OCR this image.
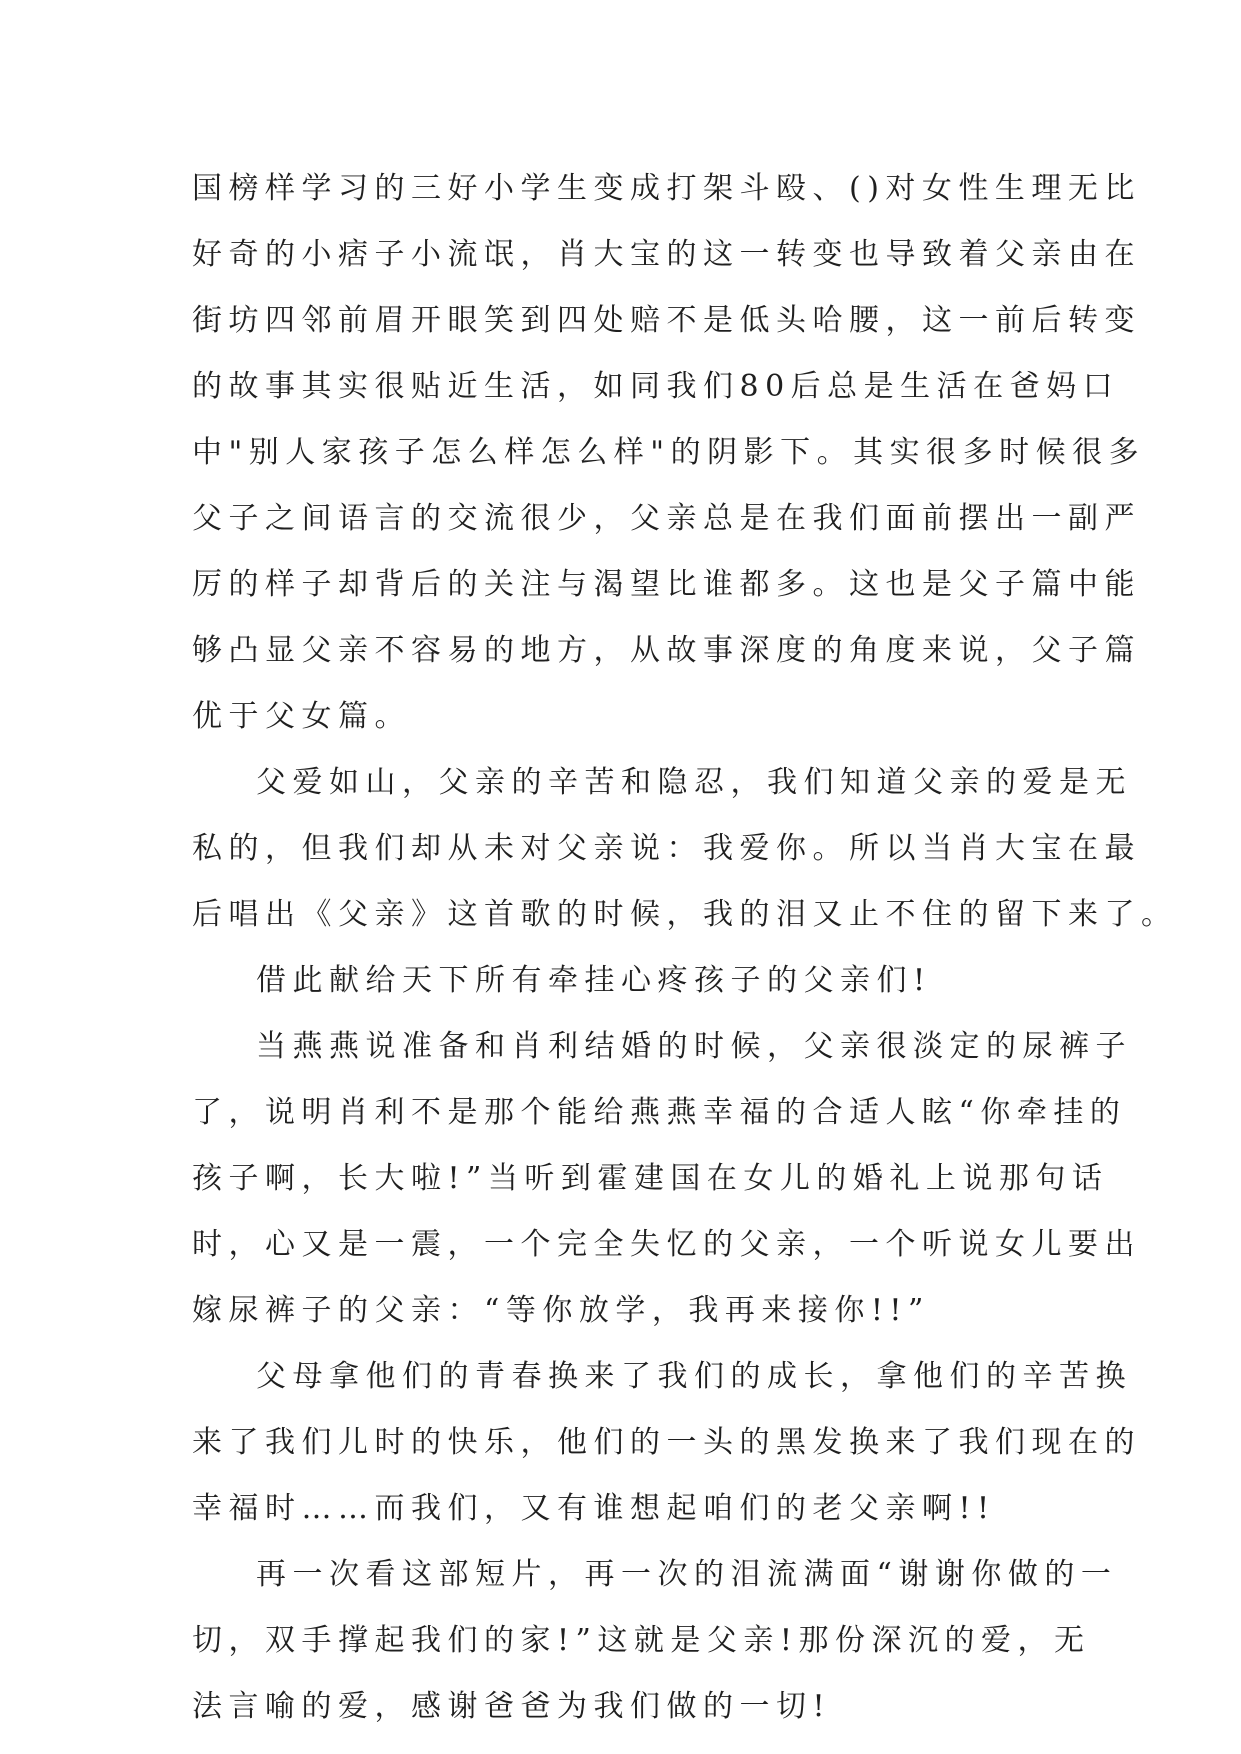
国榜样学习的三好小学生变成打架斗殴、()对女性生理无比
好奇的小痞子小流氓，肖大宝的这一转变也导致着父亲由在
街坊四邻前眉开眼笑到四处赔不是低头哈腰，这一前后转变
的故事其实很贴近生活，如同我们80后总是生活在爸妈口
中"别人家孩子怎么样怎么样"的阴影下。其实很多时候很多
父子之间语言的交流很少，父亲总是在我们面前摆出一副严
厉的样子却背后的关注与渴望比谁都多。这也是父子篇中能
够凸显父亲不容易的地方，从故事深度的角度来说，父子篇
优于父女篇。
父爱如山，父亲的辛苦和隐忍，我们知道父亲的爱是无
私的，但我们却从未对父亲说：我爱你。所以当肖大宝在最
后唱出《父亲》这首歌的时候，我的泪又止不住的留下来了。
借此献给天下所有牵挂心疼孩子的父亲们!
当燕燕说准备和肖利结婚的时候，父亲很淡定的尿裤子
了，说明肖利不是那个能给燕燕幸福的合适人眩“你牵挂的
孩子啊，长大啦!”当听到霍建国在女儿的婚礼上说那句话
时，心又是一震，一个完全失忆的父亲，一个听说女儿要出
嫁尿裤子的父亲：“等你放学，我再来接你!!”
父母拿他们的青春换来了我们的成长，拿他们的辛苦换
来了我们儿时的快乐，他们的一头的黑发换来了我们现在的
幸福时……而我们，又有谁想起咱们的老父亲啊!!
再一次看这部短片，再一次的泪流满面“谢谢你做的一
切，双手撑起我们的家!”这就是父亲!那份深沉的爱，无
法言喻的爱，感谢爸爸为我们做的一切!
